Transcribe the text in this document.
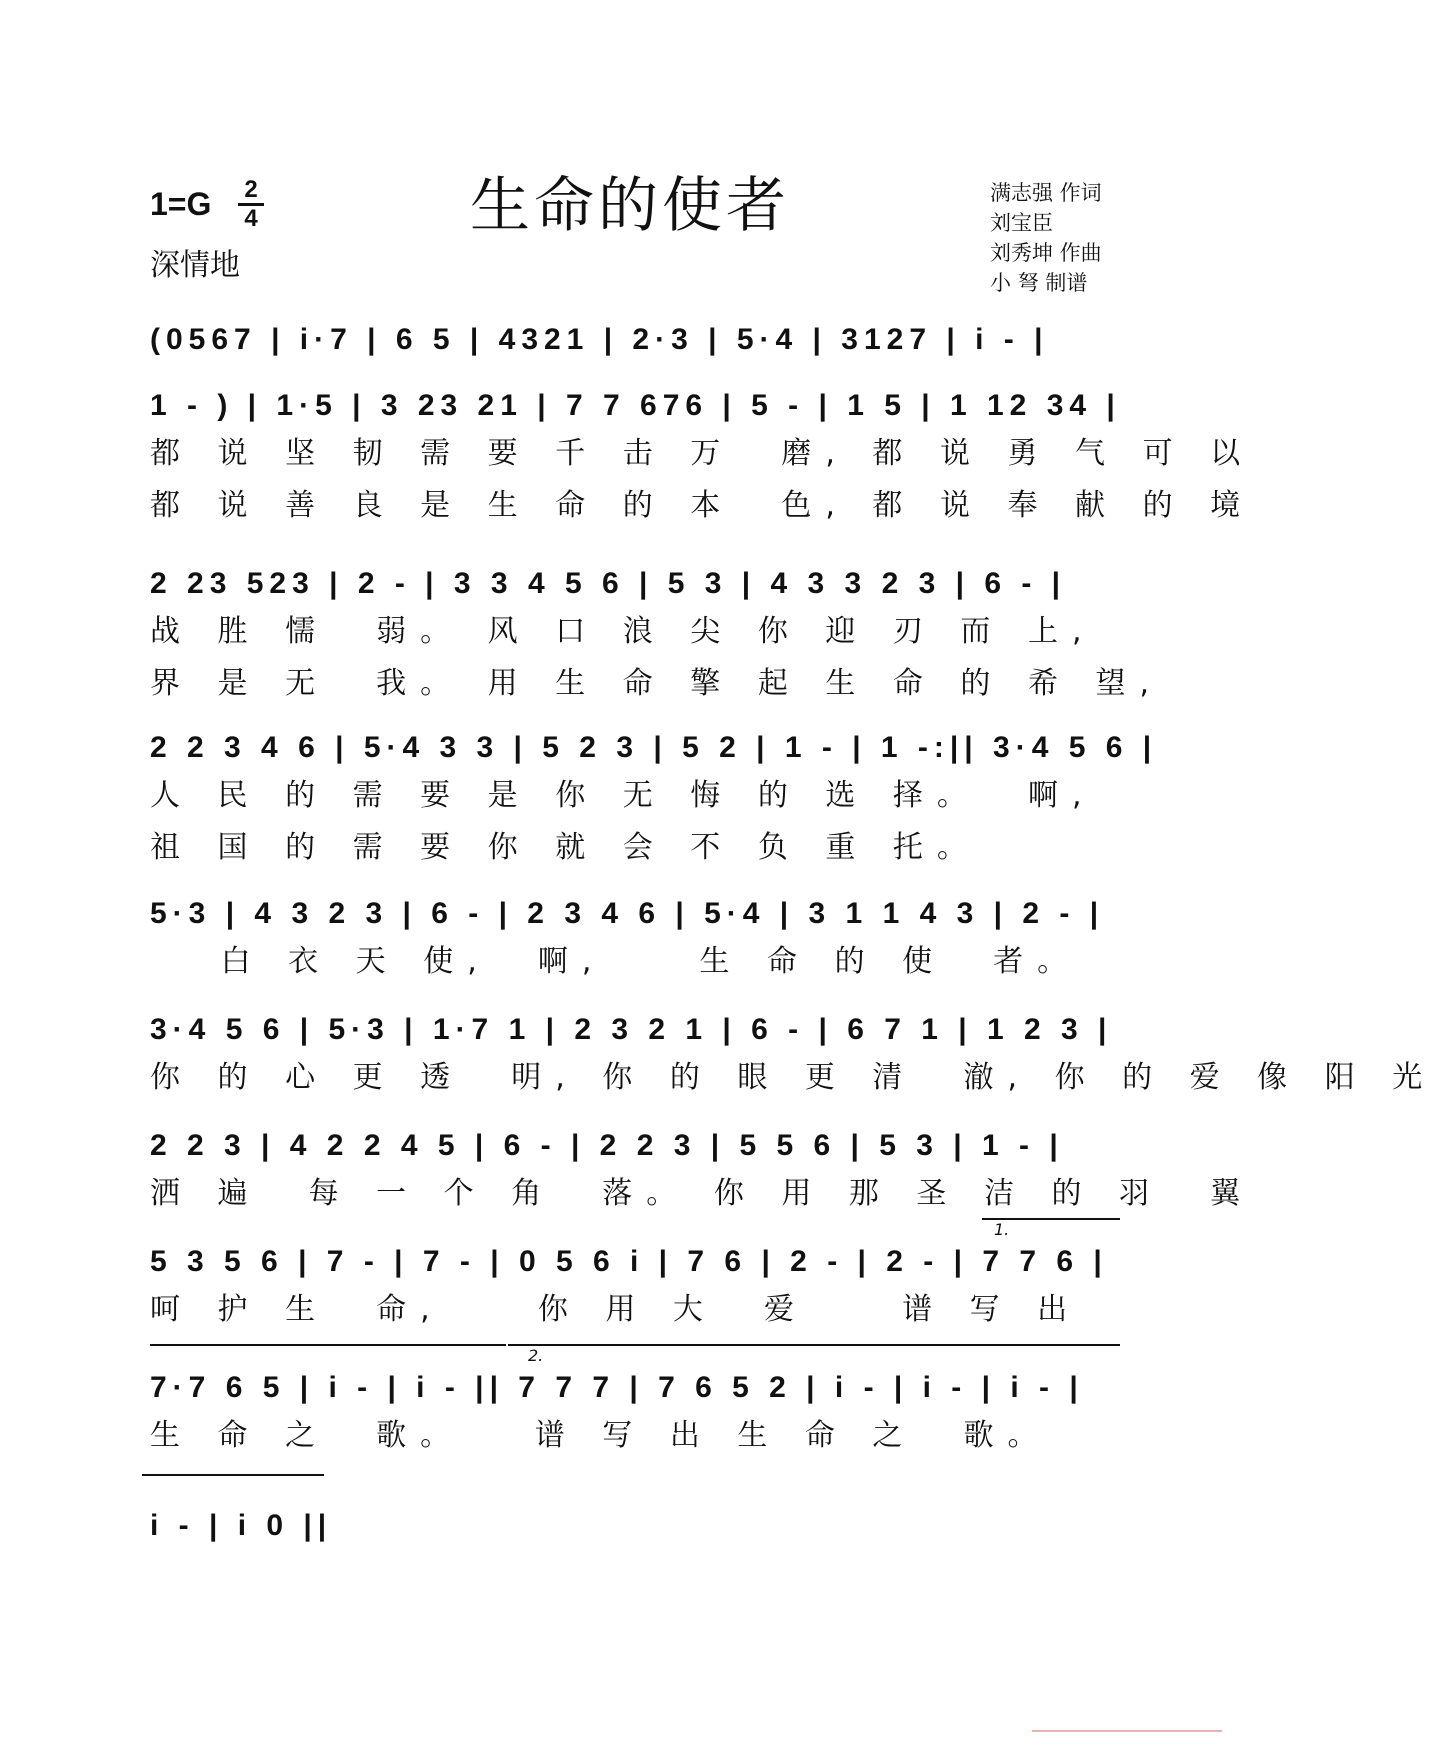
1=G 2
4
深情地
生命的使者	满志强 作词
刘宝臣
刘秀坤 作曲
小 弩 制谱
(0567 | i·7 | 6 5 | 4321 | 2·3 | 5·4 | 3127 | i - |
1 - ) | 1·5 | 3 23 21 | 7 7 676 | 5 - | 1 5 | 1 12 34 |
都 说 坚 韧 需 要 千 击 万  磨, 都 说 勇 气 可 以
都 说 善 良 是 生 命 的 本  色, 都 说 奉 献 的 境
2 23 523 | 2 - | 3 3 4 5 6 | 5 3 | 4 3 3 2 3 | 6 - |
战 胜 懦  弱。 风 口 浪 尖 你 迎 刃 而 上,
界 是 无  我。 用 生 命 擎 起 生 命 的 希 望,
2 2 3 4 6 | 5·4 3 3 | 5 2 3 | 5 2 | 1 - | 1 -:|| 3·4 5 6 |
人 民 的 需 要 是 你 无 悔 的 选 择。  啊,
祖 国 的 需 要 你 就 会 不 负 重 托。
5·3 | 4 3 2 3 | 6 - | 2 3 4 6 | 5·4 | 3 1 1 4 3 | 2 - |
白 衣 天 使,  啊,    生 命 的 使  者。
3·4 5 6 | 5·3 | 1·7 1 | 2 3 2 1 | 6 - | 6 7 1 | 1 2 3 |
你 的 心 更 透  明, 你 的 眼 更 清  澈, 你 的 爱 像 阳 光
2 2 3 | 4 2 2 4 5 | 6 - | 2 2 3 | 5 5 6 | 5 3 | 1 - |
洒 遍  每 一 个 角  落。 你 用 那 圣 洁 的 羽  翼
1.
5 3 5 6 | 7 - | 7 - | 0 5 6 i | 7 6 | 2 - | 2 - | 7 7 6 |
呵 护 生  命,    你 用 大  爱    谱 写 出
2.
7·7 6 5 | i - | i - || 7 7 7 | 7 6 5 2 | i - | i - | i - |
生 命 之  歌。   谱 写 出 生 命 之  歌。
i - | i 0 ||
